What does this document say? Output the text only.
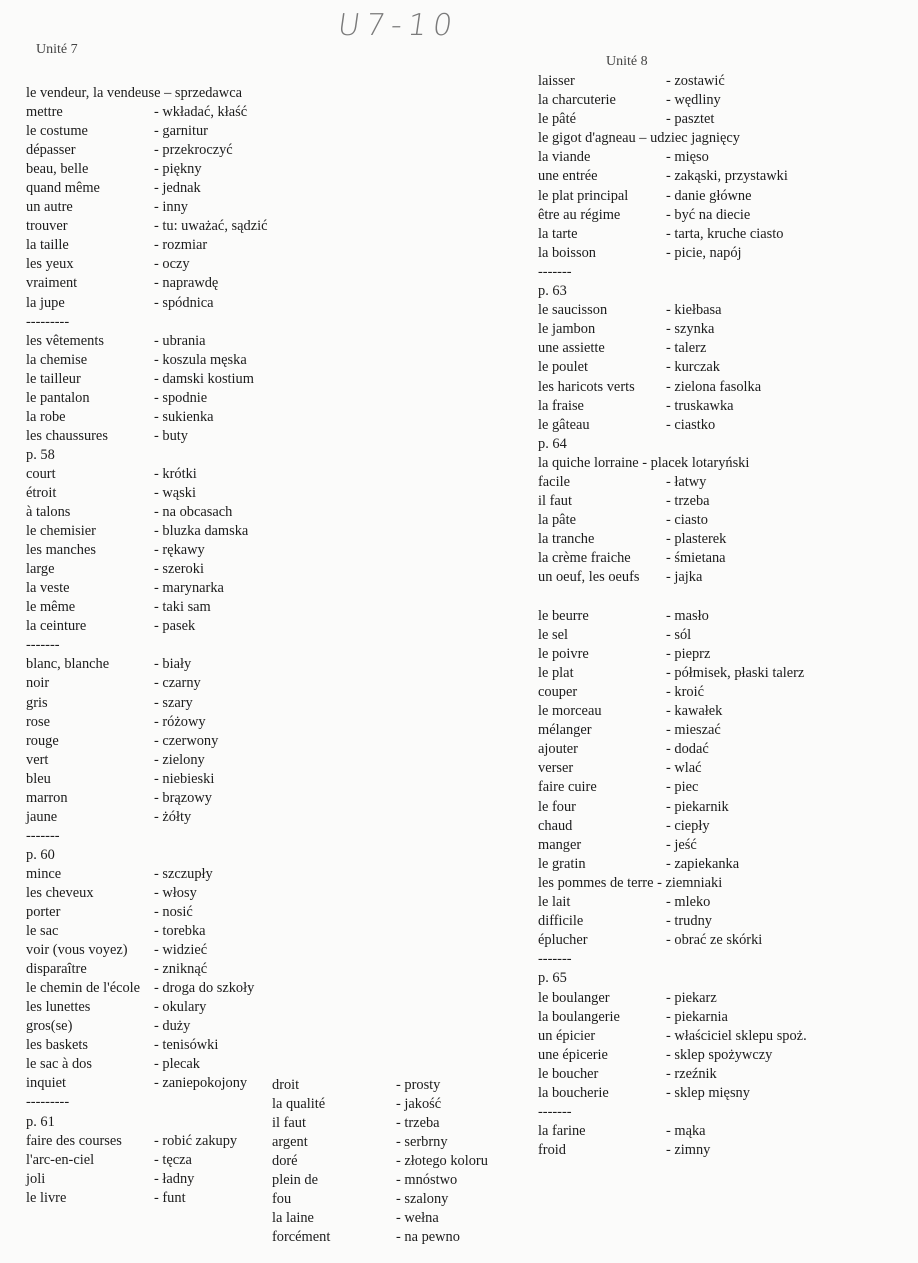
U7-10
Unité 7
Unité 8
le vendeur, la vendeuse – sprzedawca
mettre	- wkładać, kłaść
le costume	- garnitur
dépasser	- przekroczyć
beau, belle	- piękny
quand même	- jednak
un autre	- inny
trouver	- tu: uważać, sądzić
la taille	- rozmiar
les yeux	- oczy
vraiment	- naprawdę
la jupe	- spódnica
---------
les vêtements	- ubrania
la chemise	- koszula męska
le tailleur	- damski kostium
le pantalon	- spodnie
la robe	- sukienka
les chaussures	- buty
p. 58
court	- krótki
étroit	- wąski
à talons	- na obcasach
le chemisier	- bluzka damska
les manches	- rękawy
large	- szeroki
la veste	- marynarka
le même	- taki sam
la ceinture	- pasek
-------
blanc, blanche	- biały
noir	- czarny
gris	- szary
rose	- różowy
rouge	- czerwony
vert	- zielony
bleu	- niebieski
marron	- brązowy
jaune	- żółty
-------
p. 60
mince	- szczupły
les cheveux	- włosy
porter	- nosić
le sac	- torebka
voir (vous voyez) - widzieć
disparaître	- zniknąć
le chemin de l'école - droga do szkoły
les lunettes	- okulary
gros(se)	- duży
les baskets	- tenisówki
le sac à dos	- plecak
inquiet	- zaniepokojony
---------
p. 61
faire des courses - robić zakupy
l'arc-en-ciel	- tęcza
joli	- ładny
le livre	- funt
droit	- prosty
la qualité	- jakość
il faut	- trzeba
argent	- serbrny
doré	- złotego koloru
plein de	- mnóstwo
fou	- szalony
la laine	- wełna
forcément	- na pewno
laisser	- zostawić
la charcuterie	- wędliny
le pâté	- pasztet
le gigot d'agneau – udziec jagnięcy
la viande	- mięso
une entrée	- zakąski, przystawki
le plat principal	- danie główne
être au régime	- być na diecie
la tarte	- tarta, kruche ciasto
la boisson	- picie, napój
-------
p. 63
le saucisson	- kiełbasa
le jambon	- szynka
une assiette	- talerz
le poulet	- kurczak
les haricots verts - zielona fasolka
la fraise	- truskawka
le gâteau	- ciastko
p. 64
la quiche lorraine - placek lotaryński
facile	- łatwy
il faut	- trzeba
la pâte	- ciasto
la tranche	- plasterek
la crème fraiche - śmietana
un oeuf, les oeufs - jajka
le beurre	- masło
le sel	- sól
le poivre	- pieprz
le plat	- półmisek, płaski talerz
couper	- kroić
le morceau	- kawałek
mélanger	- mieszać
ajouter	- dodać
verser	- wlać
faire cuire	- piec
le four	- piekarnik
chaud	- ciepły
manger	- jeść
le gratin	- zapiekanka
les pommes de terre - ziemniaki
le lait	- mleko
difficile	- trudny
éplucher	- obrać ze skórki
-------
p. 65
le boulanger	- piekarz
la boulangerie	- piekarnia
un épicier	- właściciel sklepu spoż.
une épicerie	- sklep spożywczy
le boucher	- rzeźnik
la boucherie	- sklep mięsny
-------
la farine	- mąka
froid	- zimny
